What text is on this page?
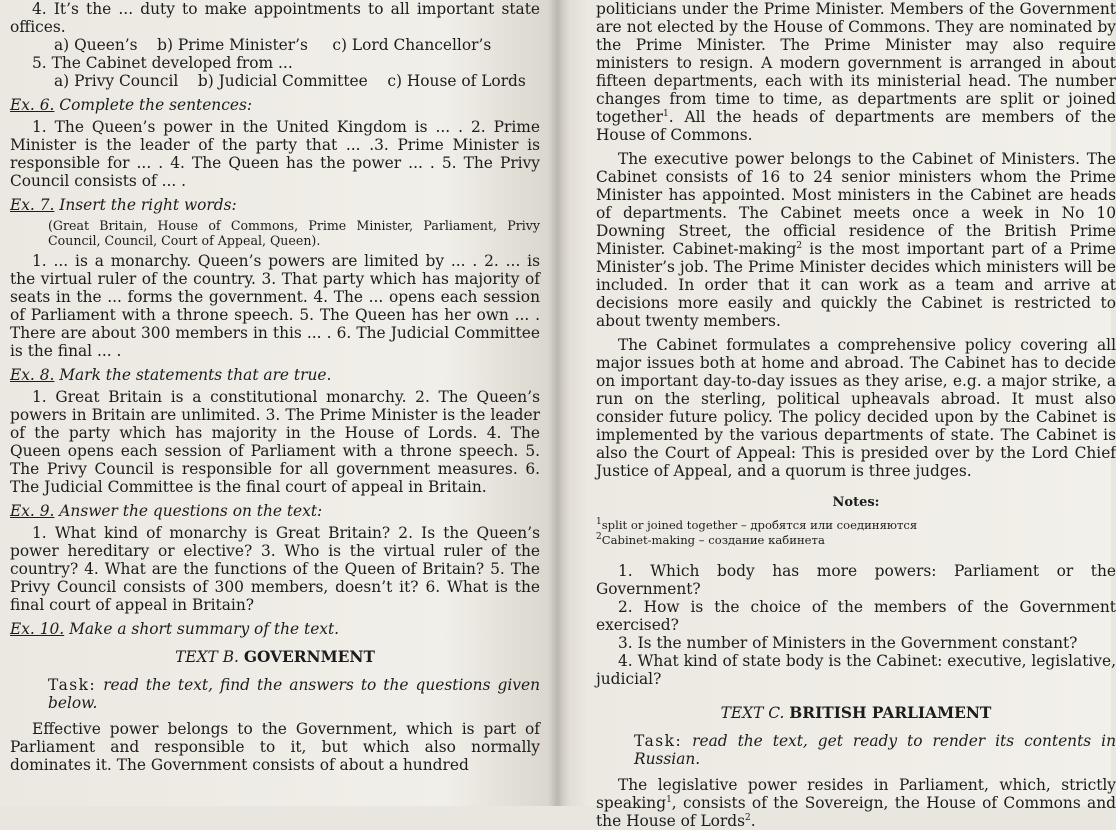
4. It’s the ... duty to make appointments to all important state offices.

a) Queen’s    b) Prime Minister’s     c) Lord Chancellor’s

5. The Cabinet developed from ...

a) Privy Council    b) Judicial Committee    c) House of Lords

Ex. 6. Complete the sentences:

1. The Queen’s power in the United Kingdom is ... . 2. Prime Minister is the leader of the party that ... .3. Prime Minister is responsible for ... . 4. The Queen has the power ... . 5. The Privy Council consists of ... .

Ex. 7. Insert the right words:

(Great Britain, House of Commons, Prime Minister, Parliament, Privy Council, Council, Court of Appeal, Queen).

1. ... is a monarchy. Queen’s powers are limited by ... . 2. ... is the virtual ruler of the country. 3. That party which has majority of seats in the ... forms the government. 4. The ... opens each session of Parliament with a throne speech. 5. The Queen has her own ... . There are about 300 members in this ... . 6. The Judicial Committee is the final ... .

Ex. 8. Mark the statements that are true.

1. Great Britain is a constitutional monarchy. 2. The Queen’s powers in Britain are unlimited. 3. The Prime Minister is the leader of the party which has majority in the House of Lords. 4. The Queen opens each session of Parliament with a throne speech. 5. The Privy Council is responsible for all government measures. 6. The Judicial Committee is the final court of appeal in Britain.

Ex. 9. Answer the questions on the text:

1. What kind of monarchy is Great Britain? 2. Is the Queen’s power hereditary or elective? 3. Who is the virtual ruler of the country? 4. What are the functions of the Queen of Britain? 5. The Privy Council consists of 300 members, doesn’t it? 6. What is the final court of appeal in Britain?

Ex. 10. Make a short summary of the text.

TEXT B. GOVERNMENT

Task: read the text, find the answers to the questions given below.

Effective power belongs to the Government, which is part of Parliament and responsible to it, but which also normally dominates it. The Government consists of about a hundred

politicians under the Prime Minister. Members of the Government are not elected by the House of Commons. They are nominated by the Prime Minister. The Prime Minister may also require ministers to resign. A modern government is arranged in about fifteen departments, each with its ministerial head. The number changes from time to time, as departments are split or joined together$^1$. All the heads of departments are members of the House of Commons.

The executive power belongs to the Cabinet of Ministers. The Cabinet consists of 16 to 24 senior ministers whom the Prime Minister has appointed. Most ministers in the Cabinet are heads of departments. The Cabinet meets once a week in No 10 Downing Street, the official residence of the British Prime Minister. Cabinet-making$^2$ is the most important part of a Prime Minister’s job. The Prime Minister decides which ministers will be included. In order that it can work as a team and arrive at decisions more easily and quickly the Cabinet is restricted to about twenty members.

The Cabinet formulates a comprehensive policy covering all major issues both at home and abroad. The Cabinet has to decide on important day-to-day issues as they arise, e.g. a major strike, a run on the sterling, political upheavals abroad. It must also consider future policy. The policy decided upon by the Cabinet is implemented by the various departments of state. The Cabinet is also the Court of Appeal: This is presided over by the Lord Chief Justice of Appeal, and a quorum is three judges.

Notes:

$^1$split or joined together – дробятся или соединяются

$^2$Cabinet-making – создание кабинета

1. Which body has more powers: Parliament or the Government?

2. How is the choice of the members of the Government exercised?

3. Is the number of Ministers in the Government constant?

4. What kind of state body is the Cabinet: executive, legislative, judicial?

TEXT C. BRITISH PARLIAMENT

Task: read the text, get ready to render its contents in Russian.

The legislative power resides in Parliament, which, strictly speaking$^1$, consists of the Sovereign, the House of Commons and the House of Lords$^2$.
